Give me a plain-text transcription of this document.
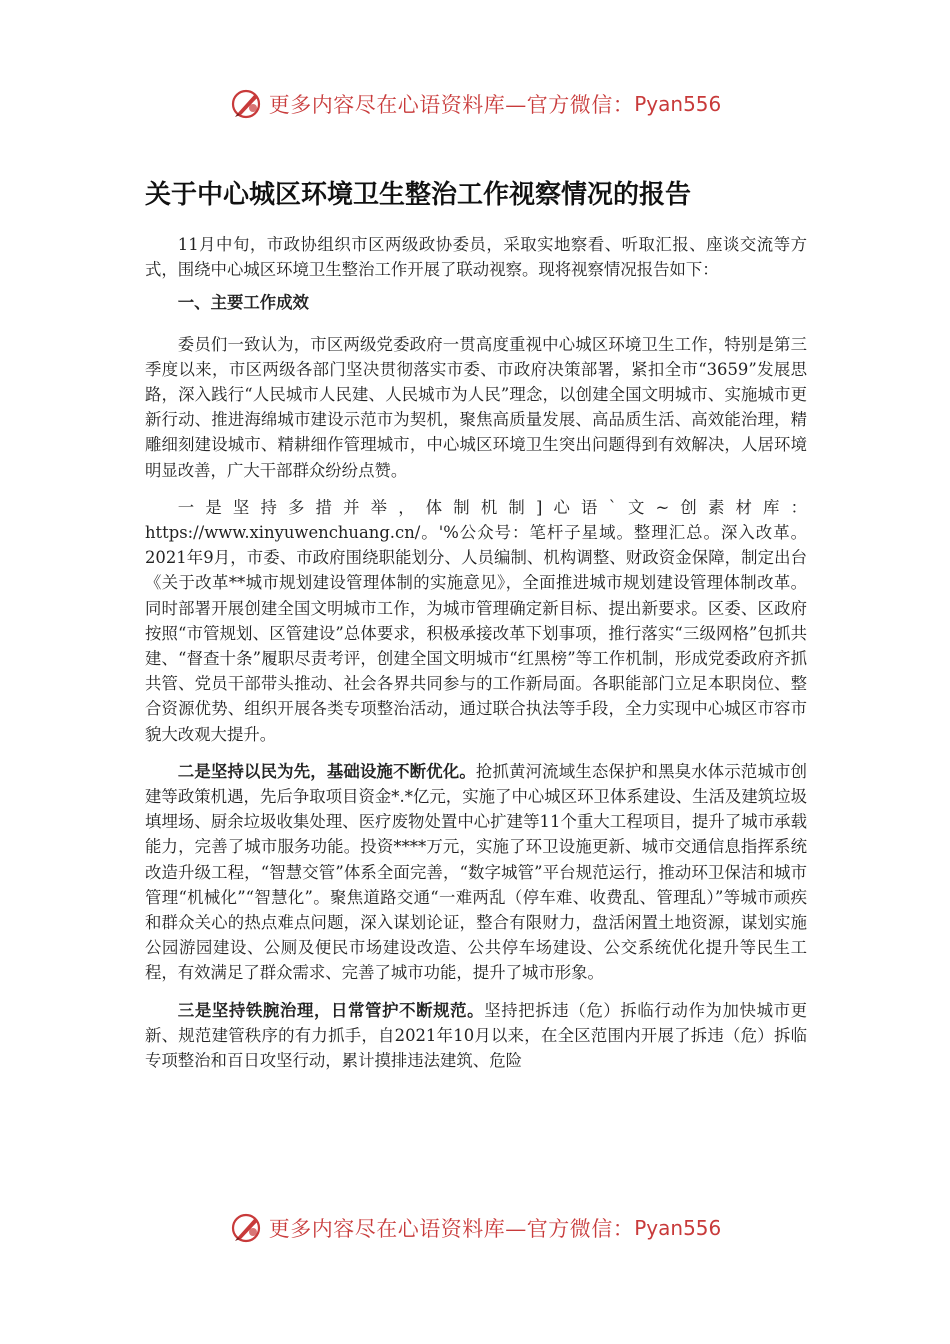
更多内容尽在心语资料库—官方微信： Pyan556
关于中心城区环境卫生整治工作视察情况的报告

11月中旬，市政协组织市区两级政协委员，采取实地察看、听取汇报、座谈交流等方式，围绕中心城区环境卫生整治工作开展了联动视察。现将视察情况报告如下：

一、主要工作成效

委员们一致认为，市区两级党委政府一贯高度重视中心城区环境卫生工作，特别是第三季度以来，市区两级各部门坚决贯彻落实市委、市政府决策部署，紧扣全市“3659”发展思路，深入践行“人民城市人民建、人民城市为人民”理念，以创建全国文明城市、实施城市更新行动、推进海绵城市建设示范市为契机，聚焦高质量发展、高品质生活、高效能治理，精雕细刻建设城市、精耕细作管理城市，中心城区环境卫生突出问题得到有效解决，人居环境明显改善，广大干部群众纷纷点赞。

一是坚持多措并举，体制机制]心语`文~创素材库：https://www.xinyuwenchuang.cn/。'%公众号：笔杆子星域。整理汇总。深入改革。2021年9月，市委、市政府围绕职能划分、人员编制、机构调整、财政资金保障，制定出台《关于改革**城市规划建设管理体制的实施意见》，全面推进城市规划建设管理体制改革。同时部署开展创建全国文明城市工作，为城市管理确定新目标、提出新要求。区委、区政府按照“市管规划、区管建设”总体要求，积极承接改革下划事项，推行落实“三级网格”包抓共建、“督查十条”履职尽责考评，创建全国文明城市“红黑榜”等工作机制，形成党委政府齐抓共管、党员干部带头推动、社会各界共同参与的工作新局面。各职能部门立足本职岗位、整合资源优势、组织开展各类专项整治活动，通过联合执法等手段，全力实现中心城区市容市貌大改观大提升。

二是坚持以民为先，基础设施不断优化。抢抓黄河流域生态保护和黑臭水体示范城市创建等政策机遇，先后争取项目资金*.*亿元，实施了中心城区环卫体系建设、生活及建筑垃圾填埋场、厨余垃圾收集处理、医疗废物处置中心扩建等11个重大工程项目，提升了城市承载能力，完善了城市服务功能。投资****万元，实施了环卫设施更新、城市交通信息指挥系统改造升级工程，“智慧交管”体系全面完善，“数字城管”平台规范运行，推动环卫保洁和城市管理“机械化”“智慧化”。聚焦道路交通“一难两乱（停车难、收费乱、管理乱）”等城市顽疾和群众关心的热点难点问题，深入谋划论证，整合有限财力，盘活闲置土地资源，谋划实施公园游园建设、公厕及便民市场建设改造、公共停车场建设、公交系统优化提升等民生工程，有效满足了群众需求、完善了城市功能，提升了城市形象。

三是坚持铁腕治理，日常管护不断规范。坚持把拆违（危）拆临行动作为加快城市更新、规范建管秩序的有力抓手，自2021年10月以来，在全区范围内开展了拆违（危）拆临专项整治和百日攻坚行动，累计摸排违法建筑、危险

更多内容尽在心语资料库—官方微信： Pyan556
